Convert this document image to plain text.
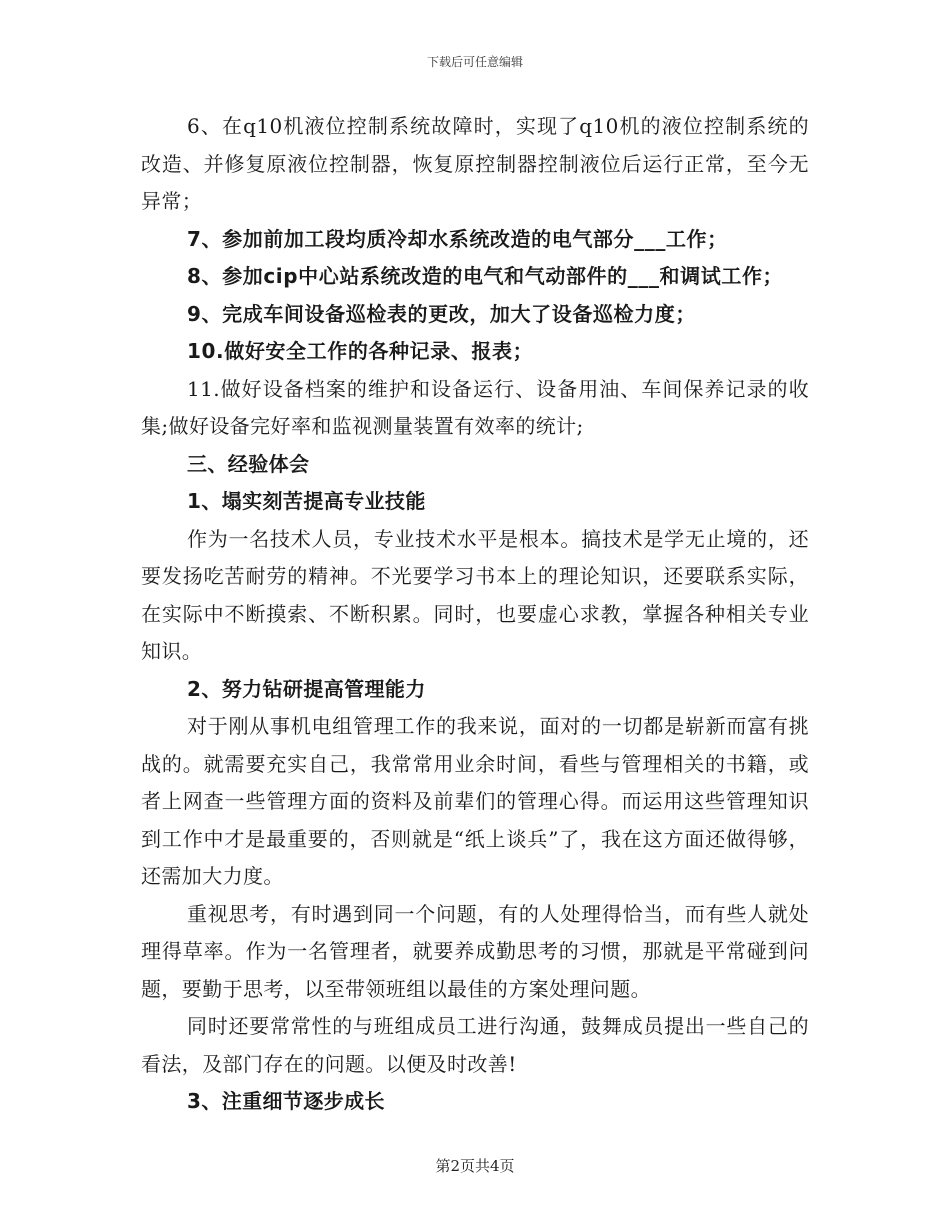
下载后可任意编辑

6、在q10机液位控制系统故障时，实现了q10机的液位控制系统的改造、并修复原液位控制器，恢复原控制器控制液位后运行正常，至今无异常；

7、参加前加工段均质冷却水系统改造的电气部分___工作；

8、参加cip中心站系统改造的电气和气动部件的___和调试工作；

9、完成车间设备巡检表的更改，加大了设备巡检力度；

10.做好安全工作的各种记录、报表；

11.做好设备档案的维护和设备运行、设备用油、车间保养记录的收集;做好设备完好率和监视测量装置有效率的统计;

三、经验体会

1、塌实刻苦提高专业技能

作为一名技术人员，专业技术水平是根本。搞技术是学无止境的，还要发扬吃苦耐劳的精神。不光要学习书本上的理论知识，还要联系实际，在实际中不断摸索、不断积累。同时，也要虚心求教，掌握各种相关专业知识。

2、努力钻研提高管理能力

对于刚从事机电组管理工作的我来说，面对的一切都是崭新而富有挑战的。就需要充实自己，我常常用业余时间，看些与管理相关的书籍，或者上网查一些管理方面的资料及前辈们的管理心得。而运用这些管理知识到工作中才是最重要的，否则就是“纸上谈兵”了，我在这方面还做得够，还需加大力度。

重视思考，有时遇到同一个问题，有的人处理得恰当，而有些人就处理得草率。作为一名管理者，就要养成勤思考的习惯，那就是平常碰到问题，要勤于思考，以至带领班组以最佳的方案处理问题。

同时还要常常性的与班组成员工进行沟通，鼓舞成员提出一些自己的看法，及部门存在的问题。以便及时改善!

3、注重细节逐步成长

第2页共4页
